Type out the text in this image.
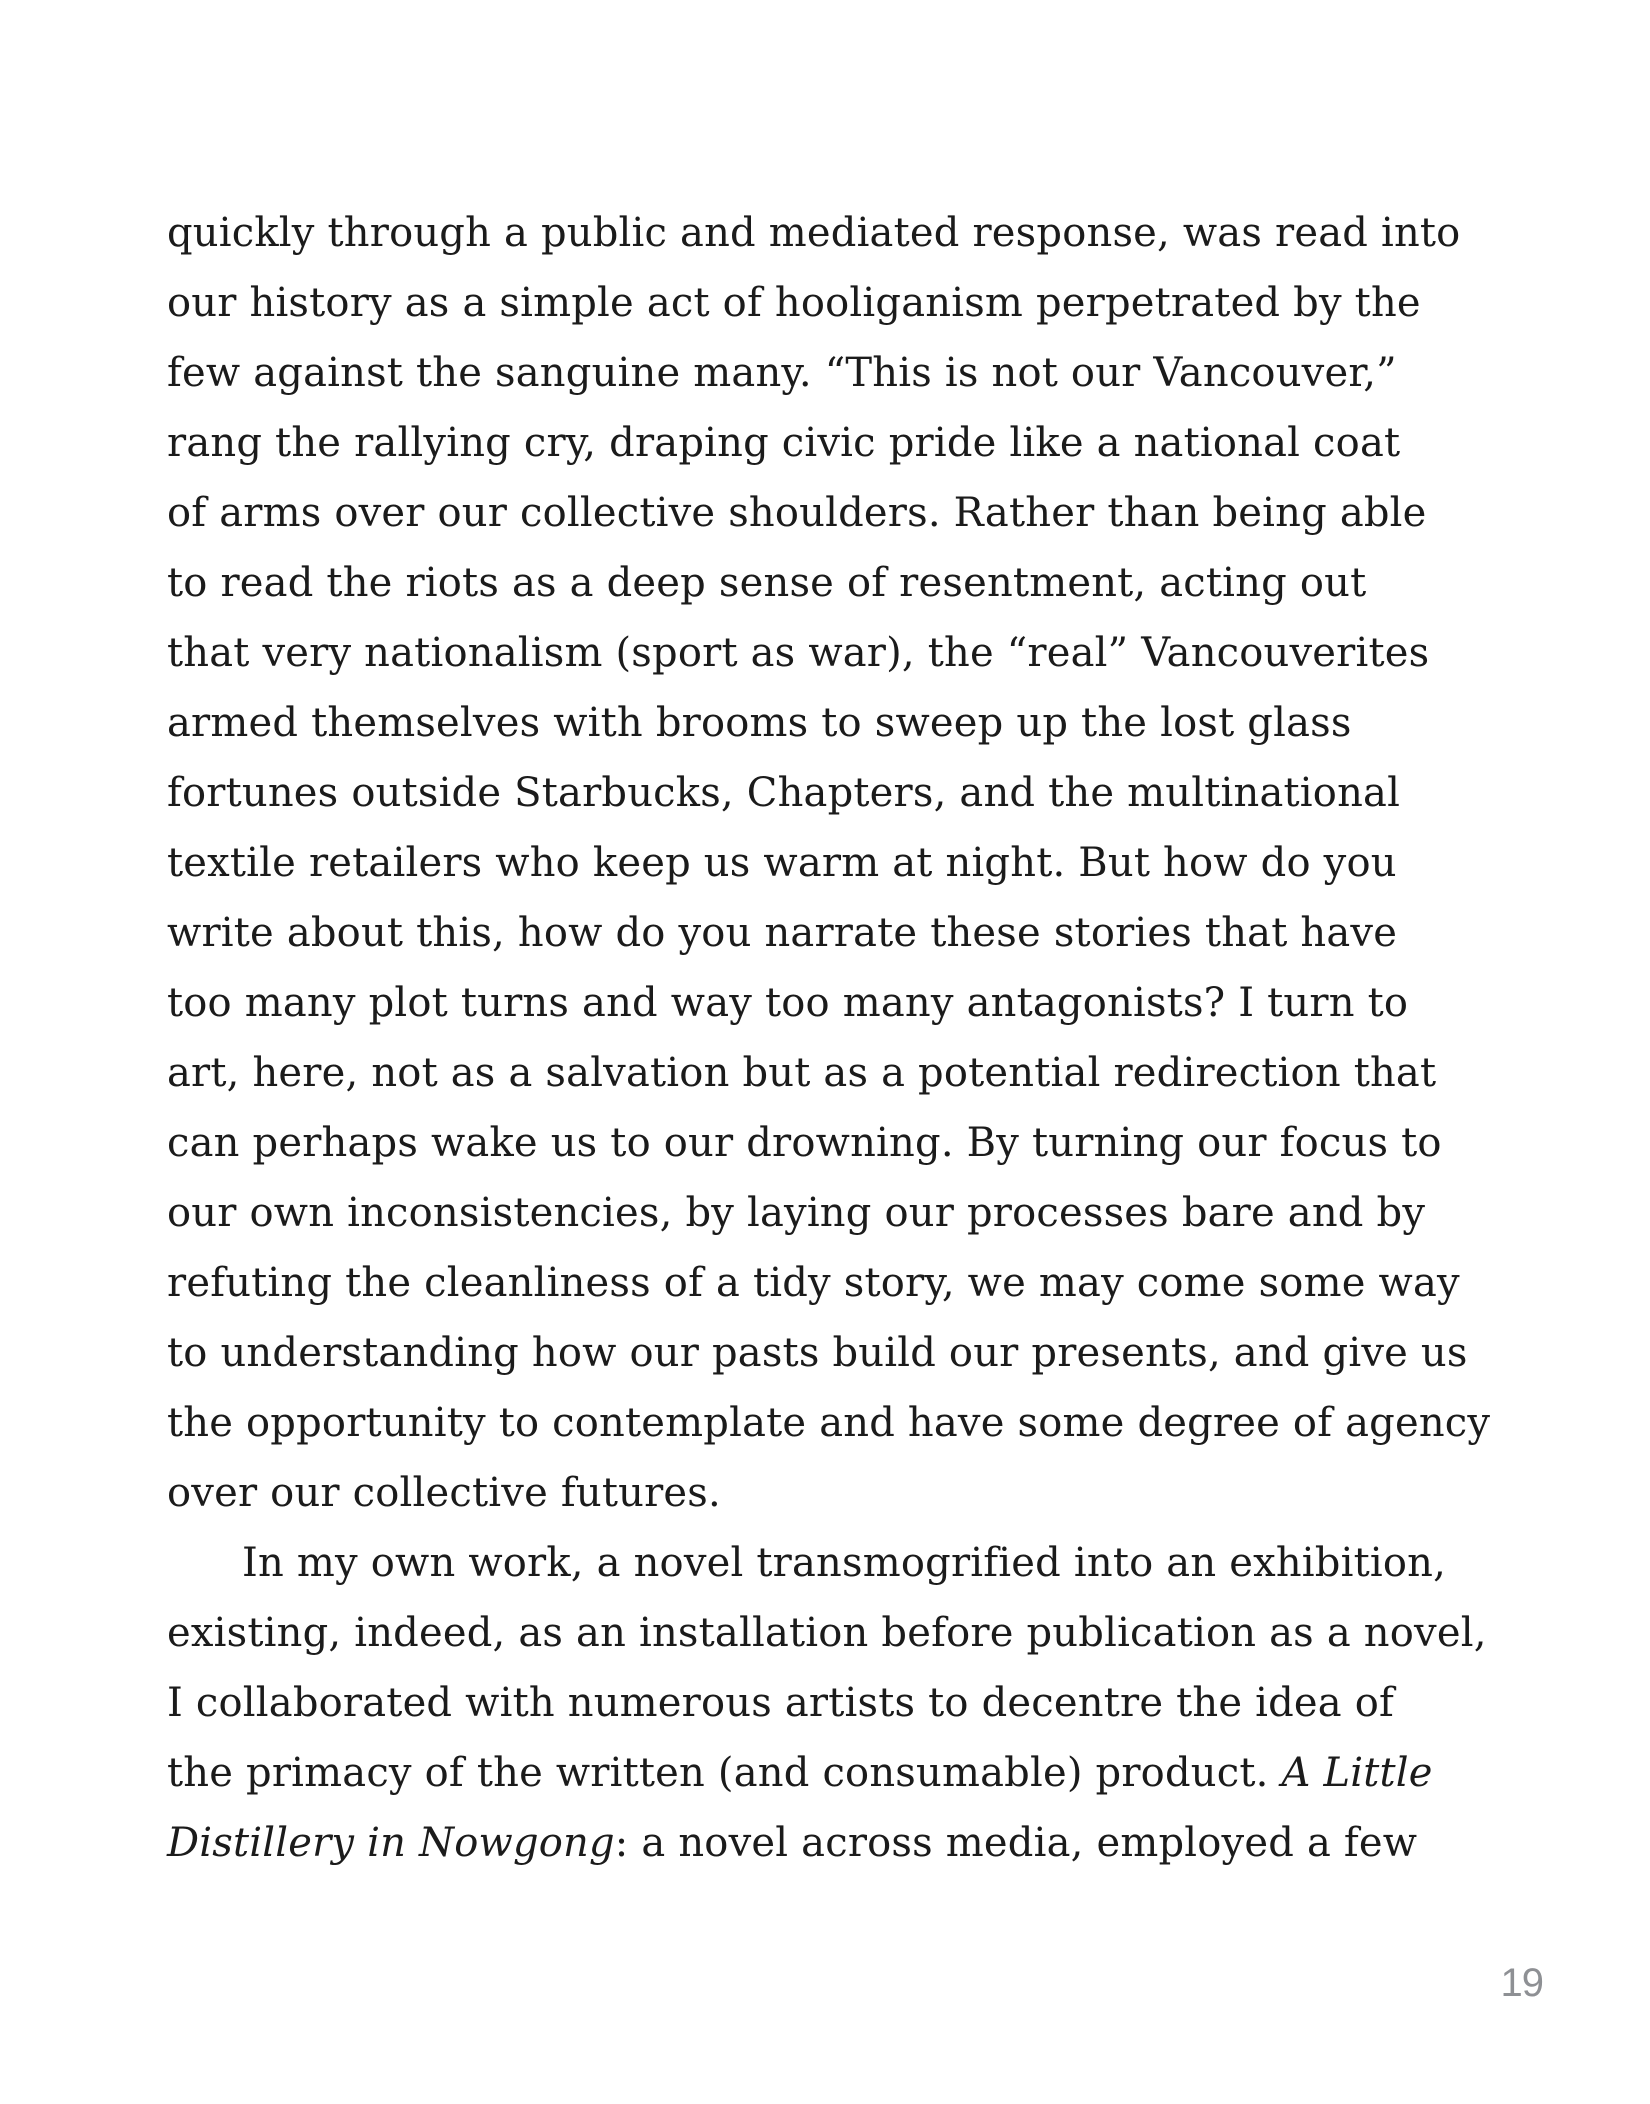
quickly through a public and mediated response, was read into
our history as a simple act of hooliganism perpetrated by the
few against the sanguine many. “This is not our Vancouver,”
rang the rallying cry, draping civic pride like a national coat
of arms over our collective shoulders. Rather than being able
to read the riots as a deep sense of resentment, acting out
that very nationalism (sport as war), the “real” Vancouverites
armed themselves with brooms to sweep up the lost glass
fortunes outside Starbucks, Chapters, and the multinational
textile retailers who keep us warm at night. But how do you
write about this, how do you narrate these stories that have
too many plot turns and way too many antagonists? I turn to
art, here, not as a salvation but as a potential redirection that
can perhaps wake us to our drowning. By turning our focus to
our own inconsistencies, by laying our processes bare and by
refuting the cleanliness of a tidy story, we may come some way
to understanding how our pasts build our presents, and give us
the opportunity to contemplate and have some degree of agency
over our collective futures.
In my own work, a novel transmogrified into an exhibition,
existing, indeed, as an installation before publication as a novel,
I collaborated with numerous artists to decentre the idea of
the primacy of the written (and consumable) product. A Little
Distillery in Nowgong: a novel across media, employed a few
19
